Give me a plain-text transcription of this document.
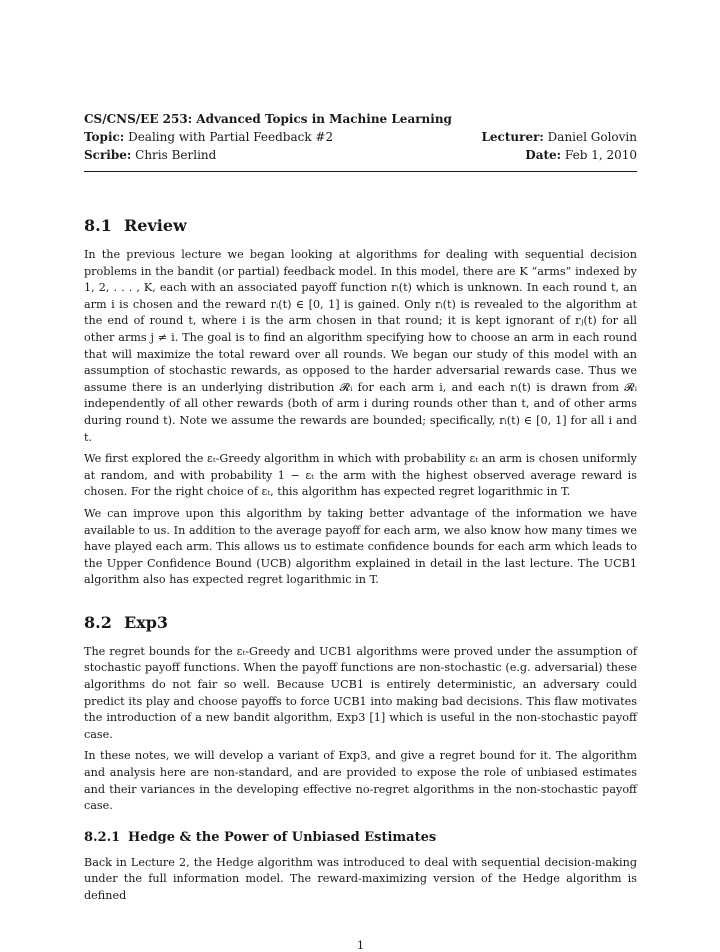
CS/CNS/EE 253: Advanced Topics in Machine Learning
Topic: Dealing with Partial Feedback #2	Lecturer: Daniel Golovin
Scribe: Chris Berlind	Date: Feb 1, 2010
8.1 Review

In the previous lecture we began looking at algorithms for dealing with sequential decision problems in the bandit (or partial) feedback model. In this model, there are K “arms” indexed by 1, 2, . . . , K, each with an associated payoff function rᵢ(t) which is unknown. In each round t, an arm i is chosen and the reward rᵢ(t) ∈ [0, 1] is gained. Only rᵢ(t) is revealed to the algorithm at the end of round t, where i is the arm chosen in that round; it is kept ignorant of rⱼ(t) for all other arms j ≠ i. The goal is to find an algorithm specifying how to choose an arm in each round that will maximize the total reward over all rounds. We began our study of this model with an assumption of stochastic rewards, as opposed to the harder adversarial rewards case. Thus we assume there is an underlying distribution 𝓡ᵢ for each arm i, and each rᵢ(t) is drawn from 𝓡ᵢ independently of all other rewards (both of arm i during rounds other than t, and of other arms during round t). Note we assume the rewards are bounded; specifically, rᵢ(t) ∈ [0, 1] for all i and t.

We first explored the εₜ-Greedy algorithm in which with probability εₜ an arm is chosen uniformly at random, and with probability 1 − εₜ the arm with the highest observed average reward is chosen. For the right choice of εₜ, this algorithm has expected regret logarithmic in T.

We can improve upon this algorithm by taking better advantage of the information we have available to us. In addition to the average payoff for each arm, we also know how many times we have played each arm. This allows us to estimate confidence bounds for each arm which leads to the Upper Confidence Bound (UCB) algorithm explained in detail in the last lecture. The UCB1 algorithm also has expected regret logarithmic in T.

8.2 Exp3

The regret bounds for the εₜ-Greedy and UCB1 algorithms were proved under the assumption of stochastic payoff functions. When the payoff functions are non-stochastic (e.g. adversarial) these algorithms do not fair so well. Because UCB1 is entirely deterministic, an adversary could predict its play and choose payoffs to force UCB1 into making bad decisions. This flaw motivates the introduction of a new bandit algorithm, Exp3 [1] which is useful in the non-stochastic payoff case.

In these notes, we will develop a variant of Exp3, and give a regret bound for it. The algorithm and analysis here are non-standard, and are provided to expose the role of unbiased estimates and their variances in the developing effective no-regret algorithms in the non-stochastic payoff case.

8.2.1 Hedge & the Power of Unbiased Estimates

Back in Lecture 2, the Hedge algorithm was introduced to deal with sequential decision-making under the full information model. The reward-maximizing version of the Hedge algorithm is defined

1
